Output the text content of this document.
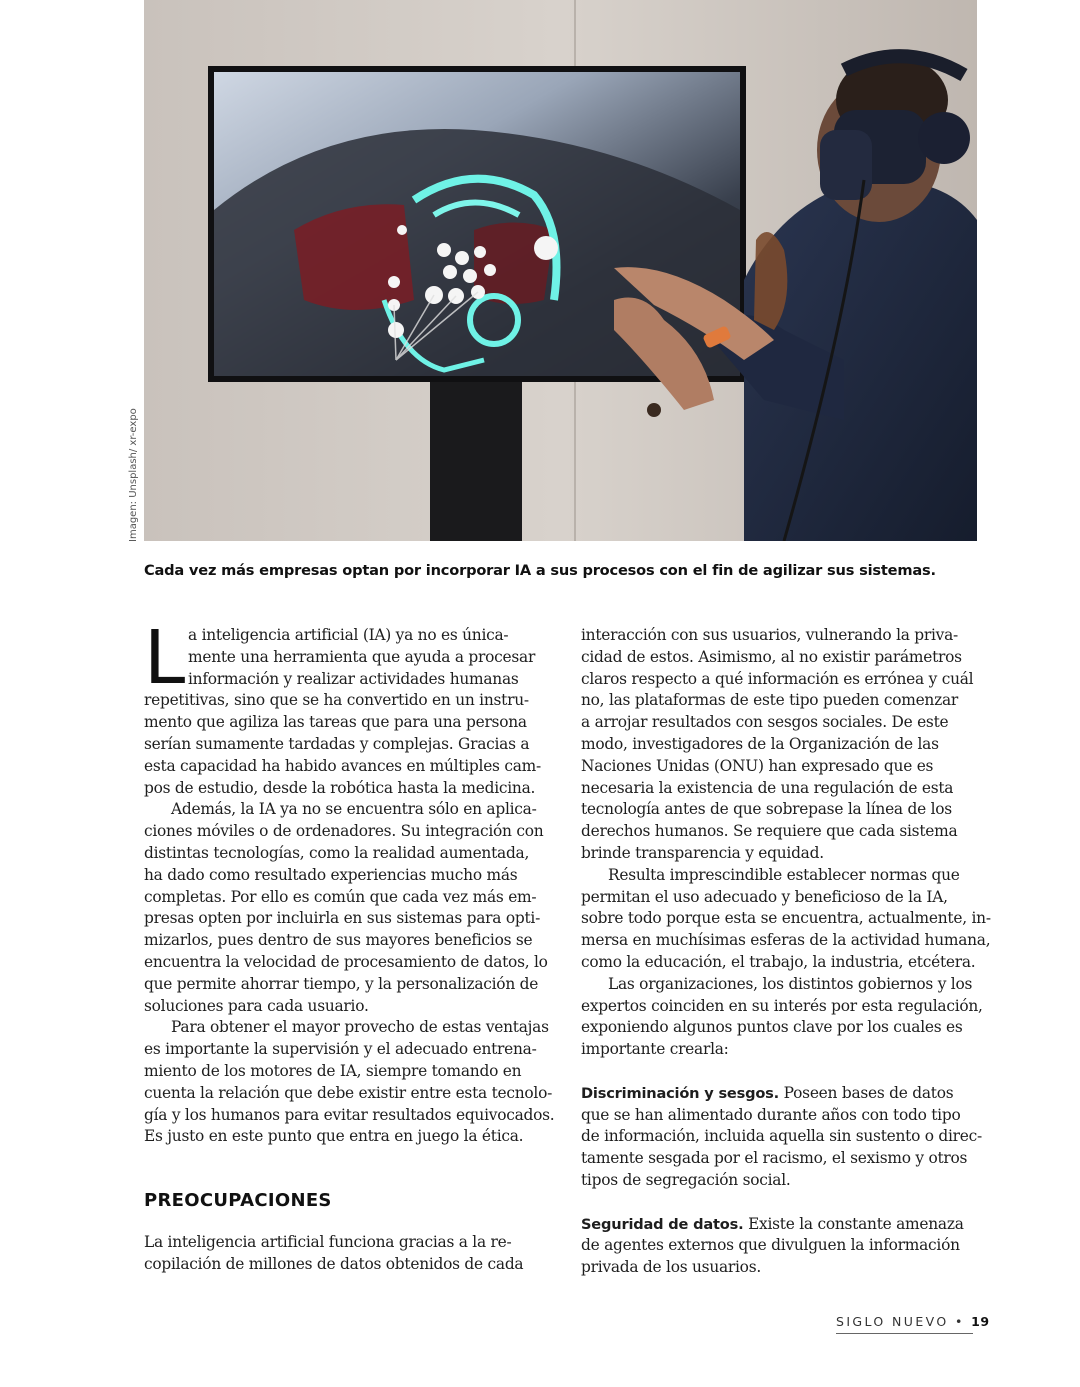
Imagen: Unsplash/ xr-expo
Cada vez más empresas optan por incorporar IA a sus procesos con el fin de agilizar sus sistemas.
L a inteligencia artificial (IA) ya no es única-
mente una herramienta que ayuda a procesar
información y realizar actividades humanas
repetitivas, sino que se ha convertido en un instru-
mento que agiliza las tareas que para una persona
serían sumamente tardadas y complejas. Gracias a
esta capacidad ha habido avances en múltiples cam-
pos de estudio, desde la robótica hasta la medicina.
Además, la IA ya no se encuentra sólo en aplica-
ciones móviles o de ordenadores. Su integración con
distintas tecnologías, como la realidad aumentada,
ha dado como resultado experiencias mucho más
completas. Por ello es común que cada vez más em-
presas opten por incluirla en sus sistemas para opti-
mizarlos, pues dentro de sus mayores beneficios se
encuentra la velocidad de procesamiento de datos, lo
que permite ahorrar tiempo, y la personalización de
soluciones para cada usuario.
Para obtener el mayor provecho de estas ventajas
es importante la supervisión y el adecuado entrena-
miento de los motores de IA, siempre tomando en
cuenta la relación que debe existir entre esta tecnolo-
gía y los humanos para evitar resultados equivocados.
Es justo en este punto que entra en juego la ética.
PREOCUPACIONES
La inteligencia artificial funciona gracias a la re-
copilación de millones de datos obtenidos de cada
interacción con sus usuarios, vulnerando la priva-
cidad de estos. Asimismo, al no existir parámetros
claros respecto a qué información es errónea y cuál
no, las plataformas de este tipo pueden comenzar
a arrojar resultados con sesgos sociales. De este
modo, investigadores de la Organización de las
Naciones Unidas (ONU) han expresado que es
necesaria la existencia de una regulación de esta
tecnología antes de que sobrepase la línea de los
derechos humanos. Se requiere que cada sistema
brinde transparencia y equidad.
Resulta imprescindible establecer normas que
permitan el uso adecuado y beneficioso de la IA,
sobre todo porque esta se encuentra, actualmente, in-
mersa en muchísimas esferas de la actividad humana,
como la educación, el trabajo, la industria, etcétera.
Las organizaciones, los distintos gobiernos y los
expertos coinciden en su interés por esta regulación,
exponiendo algunos puntos clave por los cuales es
importante crearla:
Discriminación y sesgos. Poseen bases de datos
que se han alimentado durante años con todo tipo
de información, incluida aquella sin sustento o direc-
tamente sesgada por el racismo, el sexismo y otros
tipos de segregación social.
Seguridad de datos. Existe la constante amenaza
de agentes externos que divulguen la información
privada de los usuarios.
SIGLO NUEVO • 19
